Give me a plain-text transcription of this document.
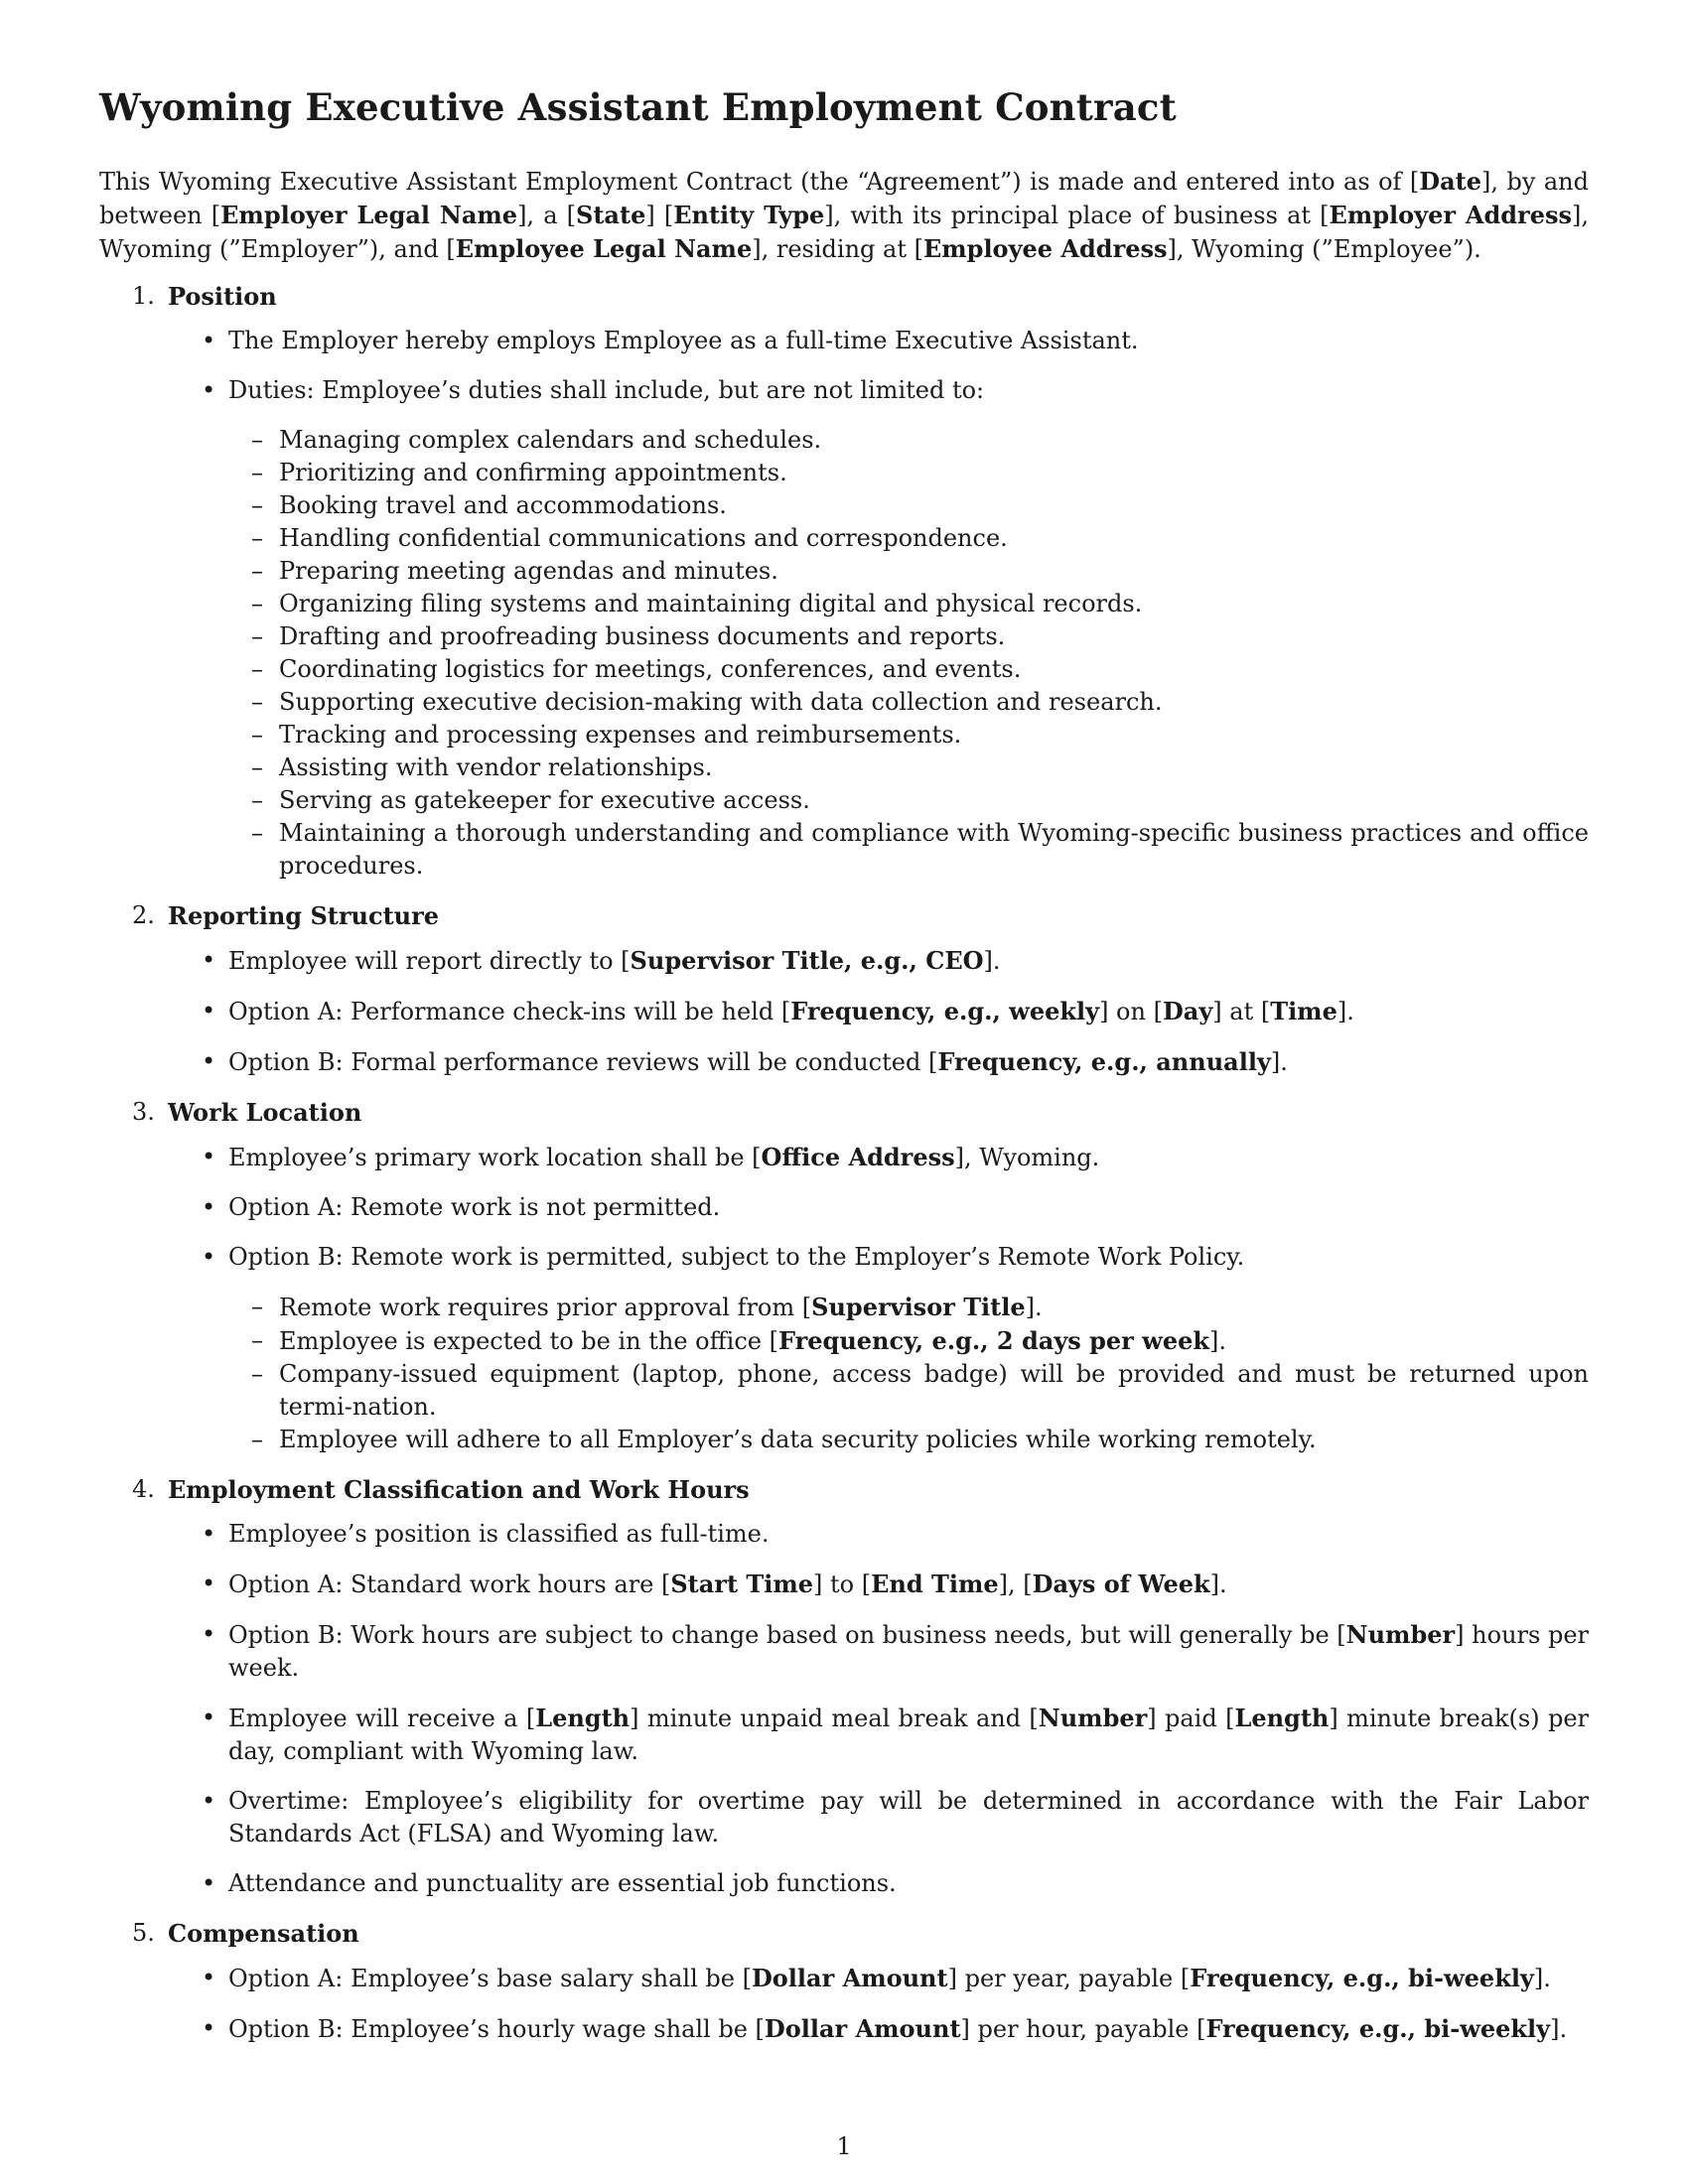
Wyoming Executive Assistant Employment Contract

This Wyoming Executive Assistant Employment Contract (the “Agreement”) is made and entered into as of [Date], by and between [Employer Legal Name], a [State] [Entity Type], with its principal place of business at [Employer Address], Wyoming (”Employer”), and [Employee Legal Name], residing at [Employee Address], Wyoming (”Employee”).

1. Position
• The Employer hereby employs Employee as a full-time Executive Assistant.
• Duties: Employee’s duties shall include, but are not limited to:
– Managing complex calendars and schedules.
– Prioritizing and confirming appointments.
– Booking travel and accommodations.
– Handling confidential communications and correspondence.
– Preparing meeting agendas and minutes.
– Organizing filing systems and maintaining digital and physical records.
– Drafting and proofreading business documents and reports.
– Coordinating logistics for meetings, conferences, and events.
– Supporting executive decision-making with data collection and research.
– Tracking and processing expenses and reimbursements.
– Assisting with vendor relationships.
– Serving as gatekeeper for executive access.
– Maintaining a thorough understanding and compliance with Wyoming-specific business practices and office procedures.
2. Reporting Structure
• Employee will report directly to [Supervisor Title, e.g., CEO].
• Option A: Performance check-ins will be held [Frequency, e.g., weekly] on [Day] at [Time].
• Option B: Formal performance reviews will be conducted [Frequency, e.g., annually].
3. Work Location
• Employee’s primary work location shall be [Office Address], Wyoming.
• Option A: Remote work is not permitted.
• Option B: Remote work is permitted, subject to the Employer’s Remote Work Policy.
– Remote work requires prior approval from [Supervisor Title].
– Employee is expected to be in the office [Frequency, e.g., 2 days per week].
– Company-issued equipment (laptop, phone, access badge) will be provided and must be returned upon termi-nation.
– Employee will adhere to all Employer’s data security policies while working remotely.
4. Employment Classification and Work Hours
• Employee’s position is classified as full-time.
• Option A: Standard work hours are [Start Time] to [End Time], [Days of Week].
• Option B: Work hours are subject to change based on business needs, but will generally be [Number] hours per week.
• Employee will receive a [Length] minute unpaid meal break and [Number] paid [Length] minute break(s) per day, compliant with Wyoming law.
• Overtime: Employee’s eligibility for overtime pay will be determined in accordance with the Fair Labor Standards Act (FLSA) and Wyoming law.
• Attendance and punctuality are essential job functions.
5. Compensation
• Option A: Employee’s base salary shall be [Dollar Amount] per year, payable [Frequency, e.g., bi-weekly].
• Option B: Employee’s hourly wage shall be [Dollar Amount] per hour, payable [Frequency, e.g., bi-weekly].
1
